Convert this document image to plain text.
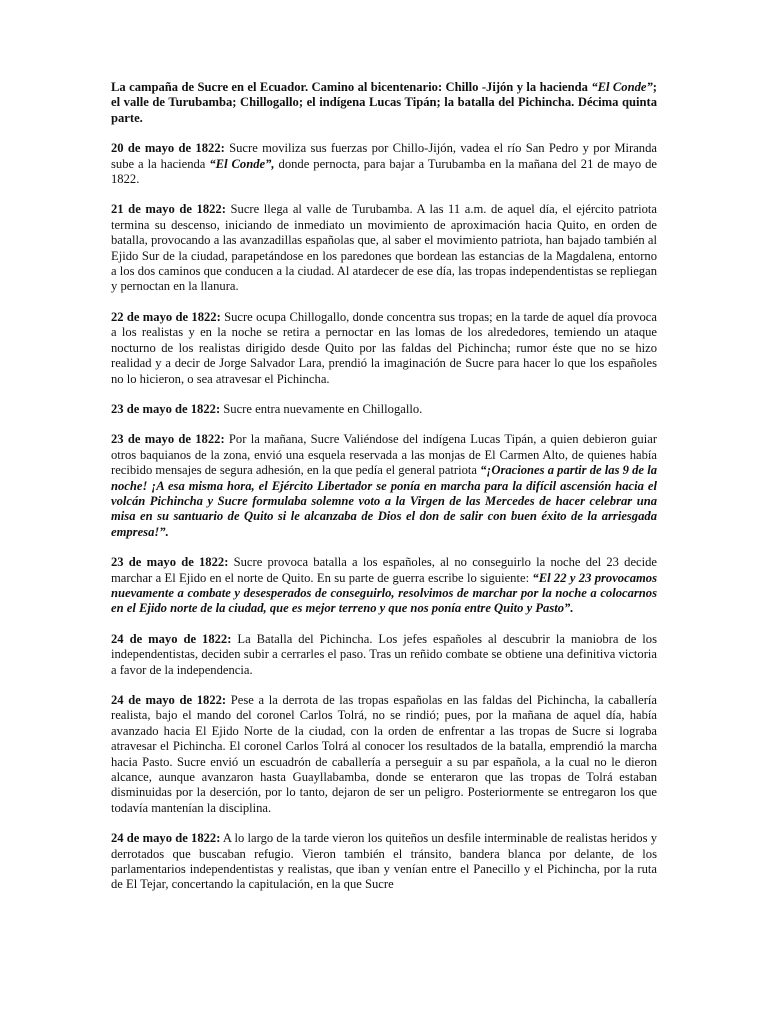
La campaña de Sucre en el Ecuador. Camino al bicentenario: Chillo -Jijón y la hacienda “El Conde”; el valle de Turubamba; Chillogallo; el indígena Lucas Tipán; la batalla del Pichincha. Décima quinta parte.

20 de mayo de 1822: Sucre moviliza sus fuerzas por Chillo-Jijón, vadea el río San Pedro y por Miranda sube a la hacienda “El Conde”, donde pernocta, para bajar a Turubamba en la mañana del 21 de mayo de 1822.

21 de mayo de 1822: Sucre llega al valle de Turubamba. A las 11 a.m. de aquel día, el ejército patriota termina su descenso, iniciando de inmediato un movimiento de aproximación hacia Quito, en orden de batalla, provocando a las avanzadillas españolas que, al saber el movimiento patriota, han bajado también al Ejido Sur de la ciudad, parapetándose en los paredones que bordean las estancias de la Magdalena, entorno a los dos caminos que conducen a la ciudad. Al atardecer de ese día, las tropas independentistas se repliegan y pernoctan en la llanura.

22 de mayo de 1822: Sucre ocupa Chillogallo, donde concentra sus tropas; en la tarde de aquel día provoca a los realistas y en la noche se retira a pernoctar en las lomas de los alrededores, temiendo un ataque nocturno de los realistas dirigido desde Quito por las faldas del Pichincha; rumor éste que no se hizo realidad y a decir de Jorge Salvador Lara, prendió la imaginación de Sucre para hacer lo que los españoles no lo hicieron, o sea atravesar el Pichincha.

23 de mayo de 1822: Sucre entra nuevamente en Chillogallo.

23 de mayo de 1822: Por la mañana, Sucre Valiéndose del indígena Lucas Tipán, a quien debieron guiar otros baquianos de la zona, envió una esquela reservada a las monjas de El Carmen Alto, de quienes había recibido mensajes de segura adhesión, en la que pedía el general patriota “¡Oraciones a partir de las 9 de la noche! ¡A esa misma hora, el Ejército Libertador se ponía en marcha para la difícil ascensión hacia el volcán Pichincha y Sucre formulaba solemne voto a la Virgen de las Mercedes de hacer celebrar una misa en su santuario de Quito si le alcanzaba de Dios el don de salir con buen éxito de la arriesgada empresa!”.

23 de mayo de 1822: Sucre provoca batalla a los españoles, al no conseguirlo la noche del 23 decide marchar a El Ejido en el norte de Quito. En su parte de guerra escribe lo siguiente: “El 22 y 23 provocamos nuevamente a combate y desesperados de conseguirlo, resolvimos de marchar por la noche a colocarnos en el Ejido norte de la ciudad, que es mejor terreno y que nos ponía entre Quito y Pasto”.

24 de mayo de 1822: La Batalla del Pichincha. Los jefes españoles al descubrir la maniobra de los independentistas, deciden subir a cerrarles el paso. Tras un reñido combate se obtiene una definitiva victoria a favor de la independencia.

24 de mayo de 1822: Pese a la derrota de las tropas españolas en las faldas del Pichincha, la caballería realista, bajo el mando del coronel Carlos Tolrá, no se rindió; pues, por la mañana de aquel día, había avanzado hacia El Ejido Norte de la ciudad, con la orden de enfrentar a las tropas de Sucre si lograba atravesar el Pichincha. El coronel Carlos Tolrá al conocer los resultados de la batalla, emprendió la marcha hacia Pasto. Sucre envió un escuadrón de caballería a perseguir a su par española, a la cual no le dieron alcance, aunque avanzaron hasta Guayllabamba, donde se enteraron que las tropas de Tolrá estaban disminuidas por la deserción, por lo tanto, dejaron de ser un peligro. Posteriormente se entregaron los que todavía mantenían la disciplina.

24 de mayo de 1822: A lo largo de la tarde vieron los quiteños un desfile interminable de realistas heridos y derrotados que buscaban refugio. Vieron también el tránsito, bandera blanca por delante, de los parlamentarios independentistas y realistas, que iban y venían entre el Panecillo y el Pichincha, por la ruta de El Tejar, concertando la capitulación, en la que Sucre
